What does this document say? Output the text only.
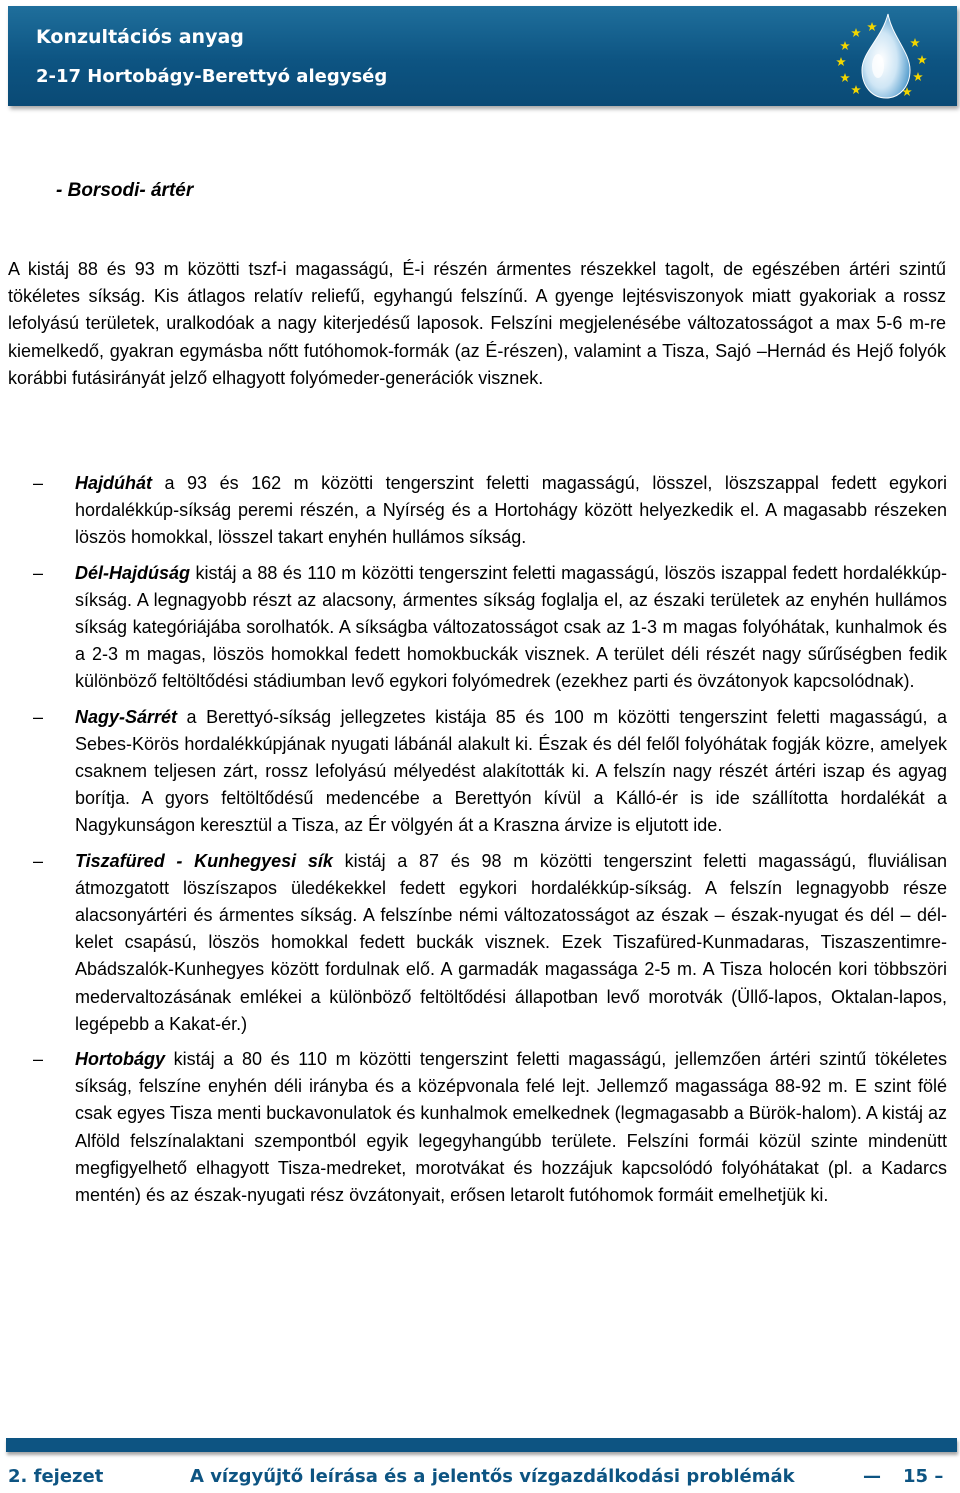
Konzultációs anyag
2-17 Hortobágy-Berettyó alegység
- Borsodi- ártér

A kistáj 88 és 93 m közötti tszf-i magasságú, É-i részén ármentes részekkel tagolt, de egészében ártéri szintű tökéletes síkság. Kis átlagos relatív reliefű, egyhangú felszínű. A gyenge lejtésviszonyok miatt gyakoriak a rossz lefolyású területek, uralkodóak a nagy kiterjedésű laposok. Felszíni megjelenésébe változatosságot a max 5-6 m-re kiemelkedő, gyakran egymásba nőtt futóhomok-formák (az É-részen), valamint a Tisza, Sajó –Hernád és Hejő folyók korábbi futásirányát jelző elhagyott folyómeder-generációk visznek.

– Hajdúhát a 93 és 162 m közötti tengerszint feletti magasságú, lösszel, löszszappal fedett egykori hordalékkúp-síkság peremi részén, a Nyírség és a Hortohágy között helyezkedik el. A magasabb részeken löszös homokkal, lösszel takart enyhén hullámos síkság.
– Dél-Hajdúság kistáj a 88 és 110 m közötti tengerszint feletti magasságú, löszös iszappal fedett hordalékkúp-síkság. A legnagyobb részt az alacsony, ármentes síkság foglalja el, az északi területek az enyhén hullámos síkság kategóriájába sorolhatók. A síkságba változatosságot csak az 1-3 m magas folyóhátak, kunhalmok és a 2-3 m magas, löszös homokkal fedett homokbuckák visznek. A terület déli részét nagy sűrűségben fedik különböző feltöltődési stádiumban levő egykori folyómedrek (ezekhez parti és övzátonyok kapcsolódnak).
– Nagy-Sárrét a Berettyó-síkság jellegzetes kistája 85 és 100 m közötti tengerszint feletti magasságú, a Sebes-Körös hordalékkúpjának nyugati lábánál alakult ki. Észak és dél felől folyóhátak fogják közre, amelyek csaknem teljesen zárt, rossz lefolyású mélyedést alakították ki. A felszín nagy részét ártéri iszap és agyag borítja. A gyors feltöltődésű medencébe a Berettyón kívül a Kálló-ér is ide szállította hordalékát a Nagykunságon keresztül a Tisza, az Ér völgyén át a Kraszna árvize is eljutott ide.
– Tiszafüred - Kunhegyesi sík kistáj a 87 és 98 m közötti tengerszint feletti magasságú, fluviálisan átmozgatott löszíszapos üledékekkel fedett egykori hordalékkúp-síkság. A felszín legnagyobb része alacsonyártéri és ármentes síkság. A felszínbe némi változatosságot az észak – észak-nyugat és dél – dél-kelet csapású, löszös homokkal fedett buckák visznek. Ezek Tiszafüred-Kunmadaras, Tiszaszentimre-Abádszalók-Kunhegyes között fordulnak elő. A garmadák magassága 2-5 m. A Tisza holocén kori többszöri medervaltozásának emlékei a különböző feltöltődési állapotban levő morotvák (Üllő-lapos, Oktalan-lapos, legépebb a Kakat-ér.)
– Hortobágy kistáj a 80 és 110 m közötti tengerszint feletti magasságú, jellemzően ártéri szintű tökéletes síkság, felszíne enyhén déli irányba és a középvonala felé lejt. Jellemző magassága 88-92 m. E szint fölé csak egyes Tisza menti buckavonulatok és kunhalmok emelkednek (legmagasabb a Bürök-halom). A kistáj az Alföld felszínalaktani szempontból egyik legegyhangúbb területe. Felszíni formái közül szinte mindenütt megfigyelhető elhagyott Tisza-medreket, morotvákat és hozzájuk kapcsolódó folyóhátakat (pl. a Kadarcs mentén) és az észak-nyugati rész övzátonyait, erősen letarolt futóhomok formáit emelhetjük ki.
2. fejezet	A vízgyűjtő leírása és a jelentős vízgazdálkodási problémák	— 15 –
